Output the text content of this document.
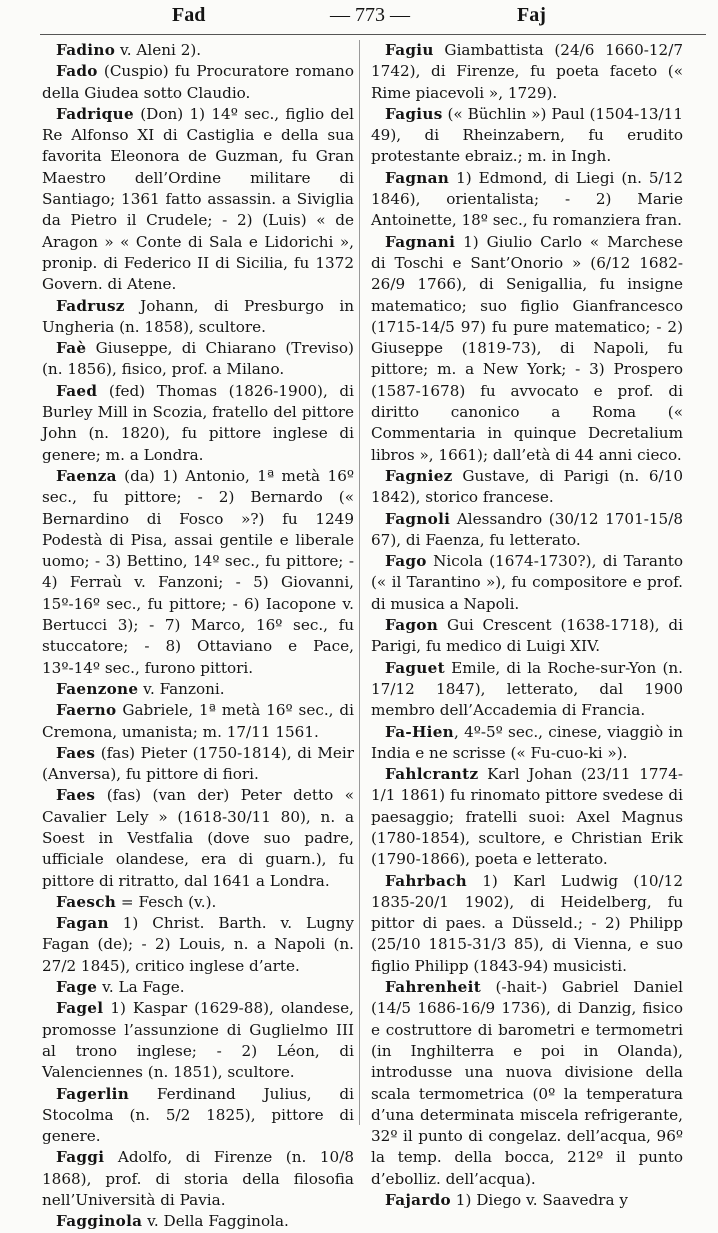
Fad	— 773 —	Faj

Fadino v. Aleni 2).

Fado (Cuspio) fu Procuratore romano della Giudea sotto Claudio.

Fadrique (Don) 1) 14º sec., figlio del Re Alfonso XI di Castiglia e della sua favorita Eleonora de Guzman, fu Gran Maestro dell’Ordine militare di Santiago; 1361 fatto assassin. a Siviglia da Pietro il Crudele; - 2) (Luis) « de Aragon » « Conte di Sala e Lidorichi », pronip. di Federico II di Sicilia, fu 1372 Govern. di Atene.

Fadrusz Johann, di Presburgo in Ungheria (n. 1858), scultore.

Faè Giuseppe, di Chiarano (Treviso) (n. 1856), fisico, prof. a Milano.

Faed (fed) Thomas (1826-1900), di Burley Mill in Scozia, fratello del pittore John (n. 1820), fu pittore inglese di genere; m. a Londra.

Faenza (da) 1) Antonio, 1ª metà 16º sec., fu pittore; - 2) Bernardo (« Bernardino di Fosco »?) fu 1249 Podestà di Pisa, assai gentile e liberale uomo; - 3) Bettino, 14º sec., fu pittore; - 4) Ferraù v. Fanzoni; - 5) Giovanni, 15º-16º sec., fu pittore; - 6) Iacopone v. Bertucci 3); - 7) Marco, 16º sec., fu stuccatore; - 8) Ottaviano e Pace, 13º-14º sec., furono pittori.

Faenzone v. Fanzoni.

Faerno Gabriele, 1ª metà 16º sec., di Cremona, umanista; m. 17/11 1561.

Faes (fas) Pieter (1750-1814), di Meir (Anversa), fu pittore di fiori.

Faes (fas) (van der) Peter detto « Cavalier Lely » (1618-30/11 80), n. a Soest in Vestfalia (dove suo padre, ufficiale olandese, era di guarn.), fu pittore di ritratto, dal 1641 a Londra.

Faesch = Fesch (v.).

Fagan 1) Christ. Barth. v. Lugny Fagan (de); - 2) Louis, n. a Napoli (n. 27/2 1845), critico inglese d’arte.

Fage v. La Fage.

Fagel 1) Kaspar (1629-88), olandese, promosse l’assunzione di Guglielmo III al trono inglese; - 2) Léon, di Valenciennes (n. 1851), scultore.

Fagerlin Ferdinand Julius, di Stocolma (n. 5/2 1825), pittore di genere.

Faggi Adolfo, di Firenze (n. 10/8 1868), prof. di storia della filosofia nell’Università di Pavia.

Fagginola v. Della Fagginola.

Fagiu Giambattista (24/6 1660-12/7 1742), di Firenze, fu poeta faceto (« Rime piacevoli », 1729).

Fagius (« Büchlin ») Paul (1504-13/11 49), di Rheinzabern, fu erudito protestante ebraiz.; m. in Ingh.

Fagnan 1) Edmond, di Liegi (n. 5/12 1846), orientalista; - 2) Marie Antoinette, 18º sec., fu romanziera fran.

Fagnani 1) Giulio Carlo « Marchese di Toschi e Sant’Onorio » (6/12 1682-26/9 1766), di Senigallia, fu insigne matematico; suo figlio Gianfrancesco (1715-14/5 97) fu pure matematico; - 2) Giuseppe (1819-73), di Napoli, fu pittore; m. a New York; - 3) Prospero (1587-1678) fu avvocato e prof. di diritto canonico a Roma (« Commentaria in quinque Decretalium libros », 1661); dall’età di 44 anni cieco.

Fagniez Gustave, di Parigi (n. 6/10 1842), storico francese.

Fagnoli Alessandro (30/12 1701-15/8 67), di Faenza, fu letterato.

Fago Nicola (1674-1730?), di Taranto (« il Tarantino »), fu compositore e prof. di musica a Napoli.

Fagon Gui Crescent (1638-1718), di Parigi, fu medico di Luigi XIV.

Faguet Emile, di la Roche-sur-Yon (n. 17/12 1847), letterato, dal 1900 membro dell’Accademia di Francia.

Fa-Hien, 4º-5º sec., cinese, viaggiò in India e ne scrisse (« Fu-cuo-ki »).

Fahlcrantz Karl Johan (23/11 1774-1/1 1861) fu rinomato pittore svedese di paesaggio; fratelli suoi: Axel Magnus (1780-1854), scultore, e Christian Erik (1790-1866), poeta e letterato.

Fahrbach 1) Karl Ludwig (10/12 1835-20/1 1902), di Heidelberg, fu pittor di paes. a Düsseld.; - 2) Philipp (25/10 1815-31/3 85), di Vienna, e suo figlio Philipp (1843-94) musicisti.

Fahrenheit (-hait-) Gabriel Daniel (14/5 1686-16/9 1736), di Danzig, fisico e costruttore di barometri e termometri (in Inghilterra e poi in Olanda), introdusse una nuova divisione della scala termometrica (0º la temperatura d’una determinata miscela refrigerante, 32º il punto di congelaz. dell’acqua, 96º la temp. della bocca, 212º il punto d’ebolliz. dell’acqua).

Fajardo 1) Diego v. Saavedra y
